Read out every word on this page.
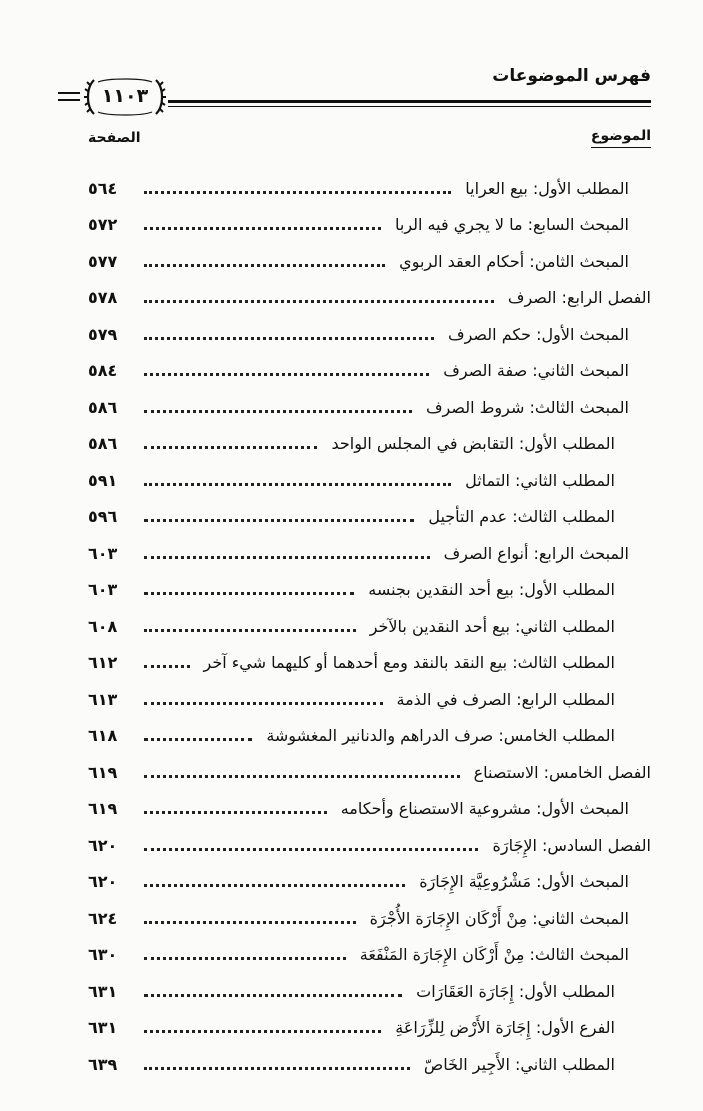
فهرس الموضوعات
١١٠٣
الموضوع
الصفحة
المطلب الأول: بيع العرايا
٥٦٤
المبحث السابع: ما لا يجري فيه الربا
٥٧٢
المبحث الثامن: أحكام العقد الربوي
٥٧٧
الفصل الرابع: الصرف
٥٧٨
المبحث الأول: حكم الصرف
٥٧٩
المبحث الثاني: صفة الصرف
٥٨٤
المبحث الثالث: شروط الصرف
٥٨٦
المطلب الأول: التقابض في المجلس الواحد
٥٨٦
المطلب الثاني: التماثل
٥٩١
المطلب الثالث: عدم التأجيل
٥٩٦
المبحث الرابع: أنواع الصرف
٦٠٣
المطلب الأول: بيع أحد النقدين بجنسه
٦٠٣
المطلب الثاني: بيع أحد النقدين بالآخر
٦٠٨
المطلب الثالث: بيع النقد بالنقد ومع أحدهما أو كليهما شيء آخر
٦١٢
المطلب الرابع: الصرف في الذمة
٦١٣
المطلب الخامس: صرف الدراهم والدنانير المغشوشة
٦١٨
الفصل الخامس: الاستصناع
٦١٩
المبحث الأول: مشروعية الاستصناع وأحكامه
٦١٩
الفصل السادس: الإِجَارَة
٦٢٠
المبحث الأول: مَشْرُوعِيَّة الإِجَارَة
٦٢٠
المبحث الثاني: مِنْ أَرْكَان الإِجَارَة الأُجْرَة
٦٢٤
المبحث الثالث: مِنْ أَرْكَان الإِجَارَة المَنْفَعَة
٦٣٠
المطلب الأول: إِجَارَة العَقَارَات
٦٣١
الفرع الأول: إِجَارَة الأَرْض لِلزِّرَاعَةِ
٦٣١
المطلب الثاني: الأَجِير الخَاصّ
٦٣٩
